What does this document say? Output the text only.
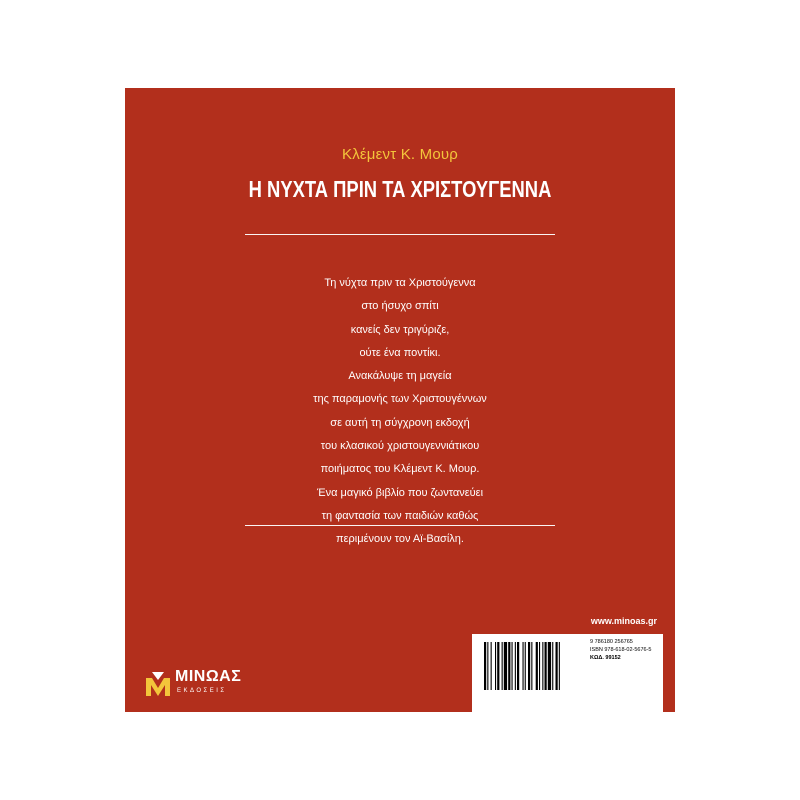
Κλέμεντ Κ. Μουρ
Η ΝΥΧΤΑ ΠΡΙΝ ΤΑ ΧΡΙΣΤΟΥΓΕΝΝΑ
Τη νύχτα πριν τα Χριστούγεννα
στο ήσυχο σπίτι
κανείς δεν τριγύριζε,
ούτε ένα ποντίκι.
Ανακάλυψε τη μαγεία
της παραμονής των Χριστουγέννων
σε αυτή τη σύγχρονη εκδοχή
του κλασικού χριστουγεννιάτικου
ποιήματος του Κλέμεντ Κ. Μουρ.
Ένα μαγικό βιβλίο που ζωντανεύει
τη φαντασία των παιδιών καθώς
περιμένουν τον Αϊ-Βασίλη.
ΜΙΝΩΑΣ
ΕΚΔΟΣΕΙΣ
www.minoas.gr
9 786180 256765
ISBN 978-618-02-5676-5
ΚΩΔ. 99152
